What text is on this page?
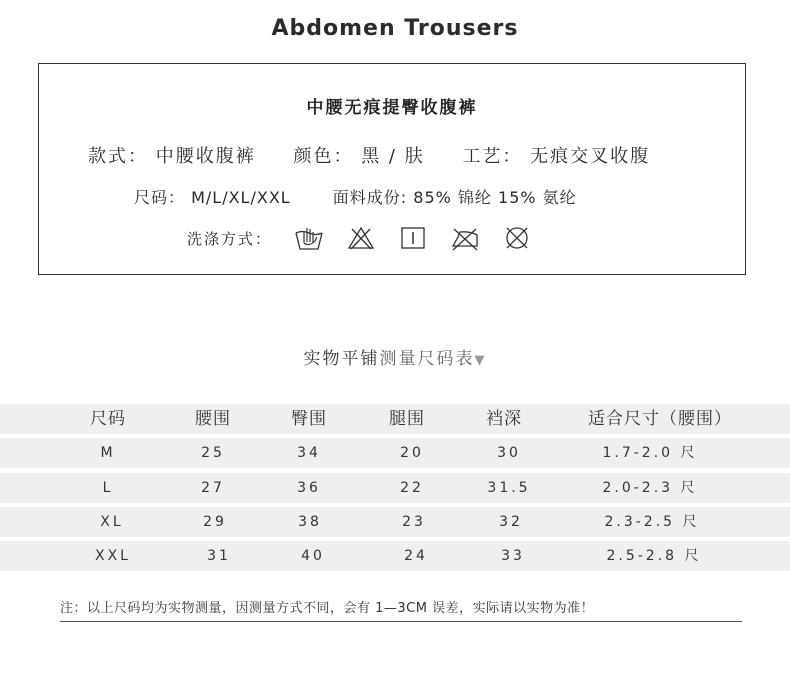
Abdomen Trousers
中腰无痕提臀收腹裤
款式： 中腰收腹裤 颜色： 黑 / 肤 工艺： 无痕交叉收腹
尺码： M/L/XL/XXL	面料成份: 85% 锦纶 15% 氨纶
洗涤方式：
实物平铺测量尺码表▼
尺码	腰围	臀围	腿围	裆深	适合尺寸（腰围）
M	25	34	20	30	1.7-2.0 尺
L	27	36	22	31.5	2.0-2.3 尺
XL	29	38	23	32	2.3-2.5 尺
XXL	31	40	24	33	2.5-2.8 尺
注：以上尺码均为实物测量，因测量方式不同，会有 1—3CM 误差，实际请以实物为准！
